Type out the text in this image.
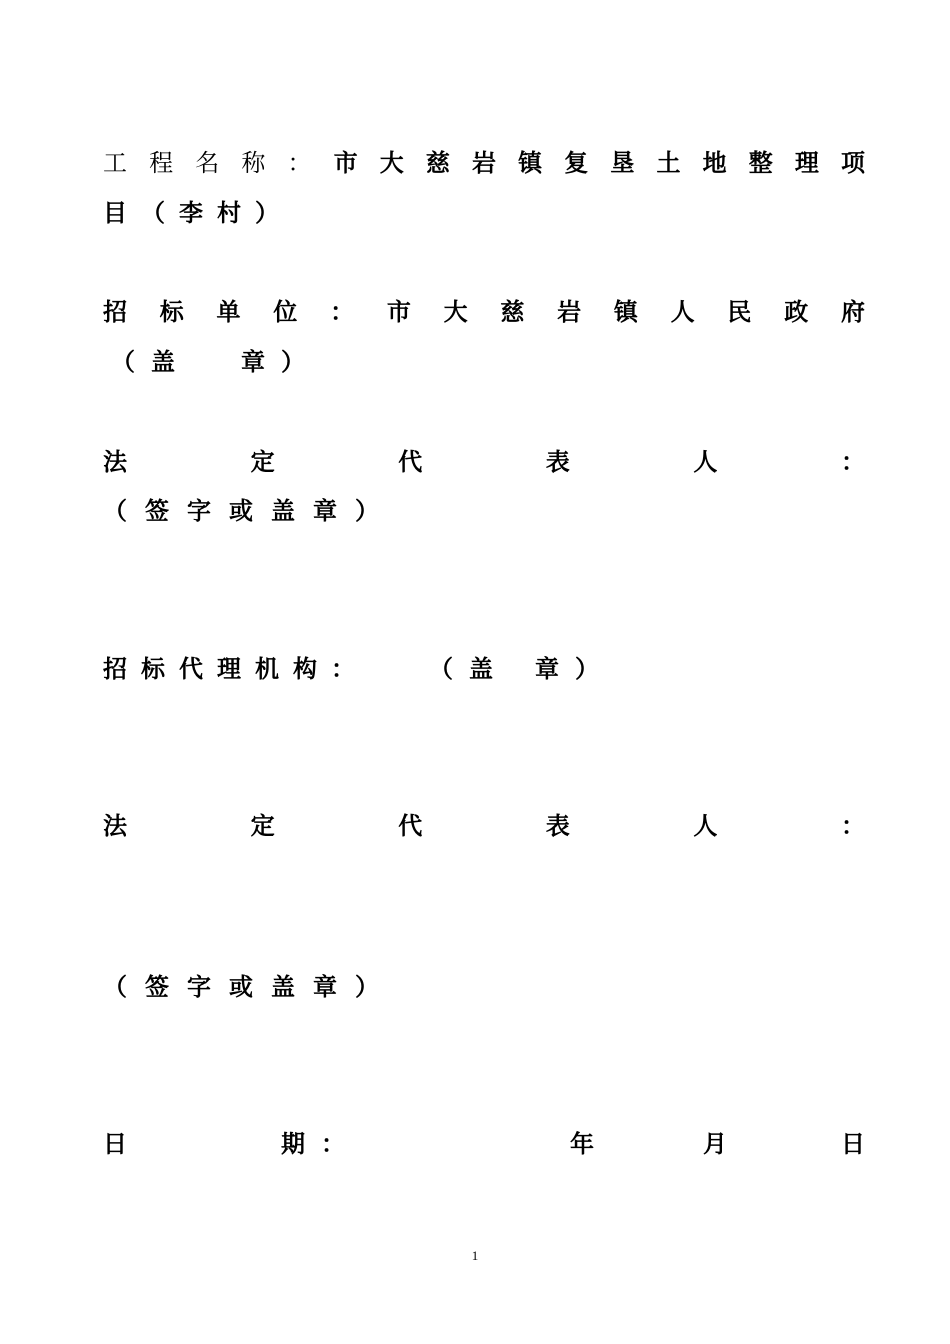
工 程 名 称 ： 市 大 慈 岩 镇 复 垦 土 地 整 理 项
目（李村）
招 标 单 位 ： 市 大 慈 岩 镇 人 民 政 府
（ 盖	章 ）
法	定	代	表	人	：
（签字或盖章）
招标代理机构：	（ 盖	章 ）
法	定	代	表	人	：
（签字或盖章）
日	期：	年	月	日
1
